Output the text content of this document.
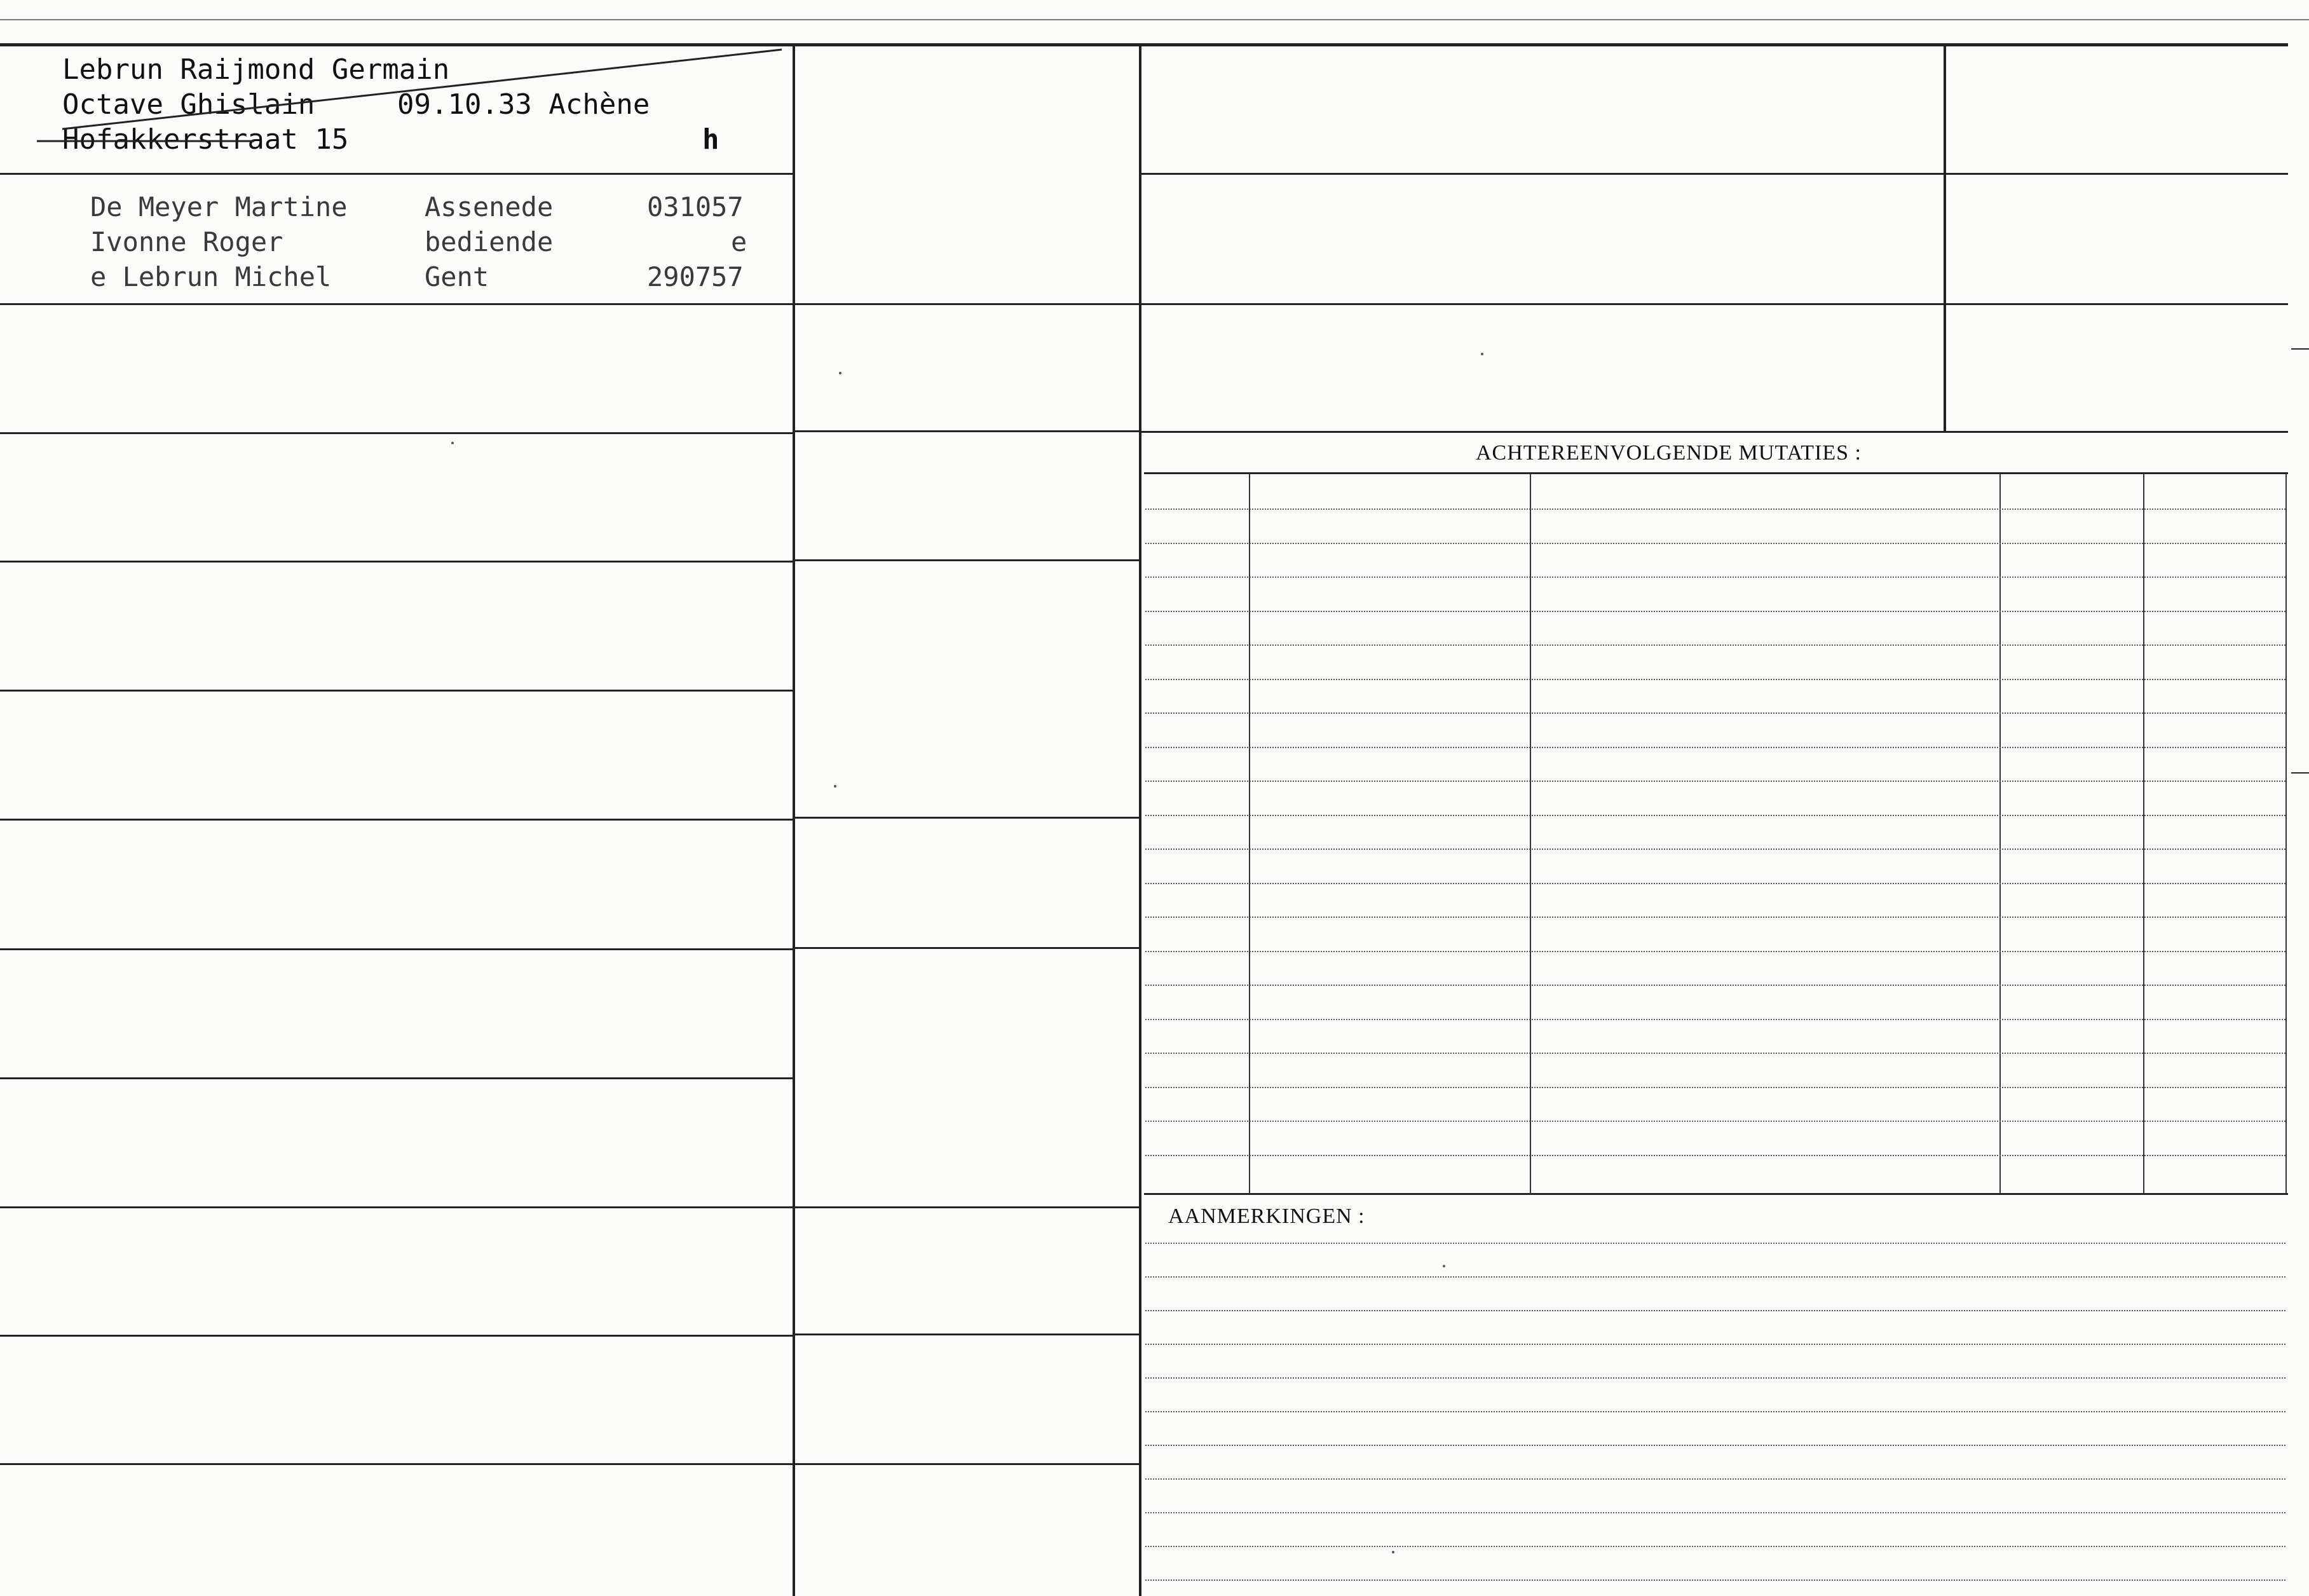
ACHTEREENVOLGENDE MUTATIES :
AANMERKINGEN :
Lebrun Raijmond Germain
Octave Ghislain	09.10.33 Achène
Hofakkerstraat 15	h
De Meyer Martine	Assenede	031057
Ivonne Roger	bediende	e
e Lebrun Michel	Gent	290757
